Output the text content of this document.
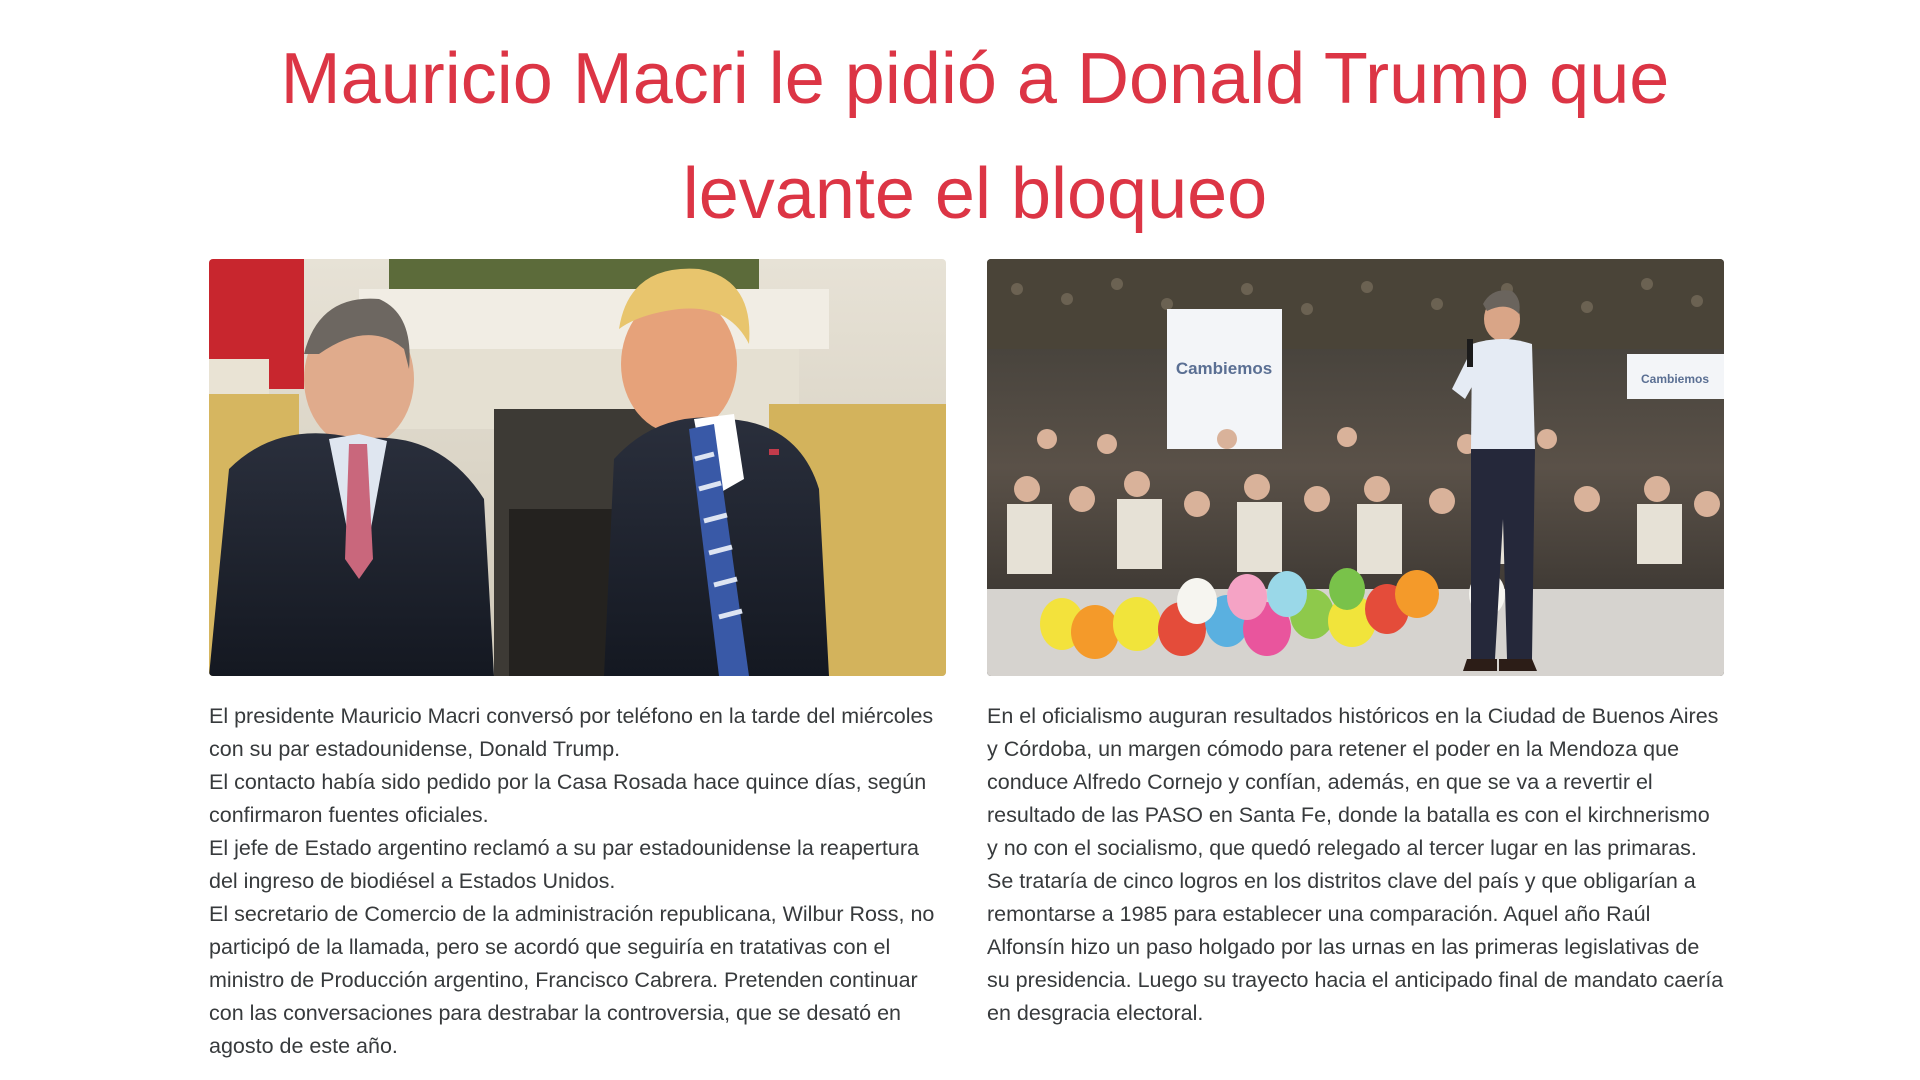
Mauricio Macri le pidió a Donald Trump que
levante el bloqueo

El presidente Mauricio Macri conversó por teléfono en la tarde del miércoles con su par estadounidense, Donald Trump.

El contacto había sido pedido por la Casa Rosada hace quince días, según confirmaron fuentes oficiales.

El jefe de Estado argentino reclamó a su par estadounidense la reapertura del ingreso de biodiésel a Estados Unidos.

El secretario de Comercio de la administración republicana, Wilbur Ross, no participó de la llamada, pero se acordó que seguiría en tratativas con el ministro de Producción argentino, Francisco Cabrera. Pretenden continuar con las conversaciones para destrabar la controversia, que se desató en agosto de este año.

Cambiemos
Cambiemos

En el oficialismo auguran resultados históricos en la Ciudad de Buenos Aires y Córdoba, un margen cómodo para retener el poder en la Mendoza que conduce Alfredo Cornejo y confían, además, en que se va a revertir el resultado de las PASO en Santa Fe, donde la batalla es con el kirchnerismo y no con el socialismo, que quedó relegado al tercer lugar en las primaras. Se trataría de cinco logros en los distritos clave del país y que obligarían a remontarse a 1985 para establecer una comparación. Aquel año Raúl Alfonsín hizo un paso holgado por las urnas en las primeras legislativas de su presidencia. Luego su trayecto hacia el anticipado final de mandato caería en desgracia electoral.
